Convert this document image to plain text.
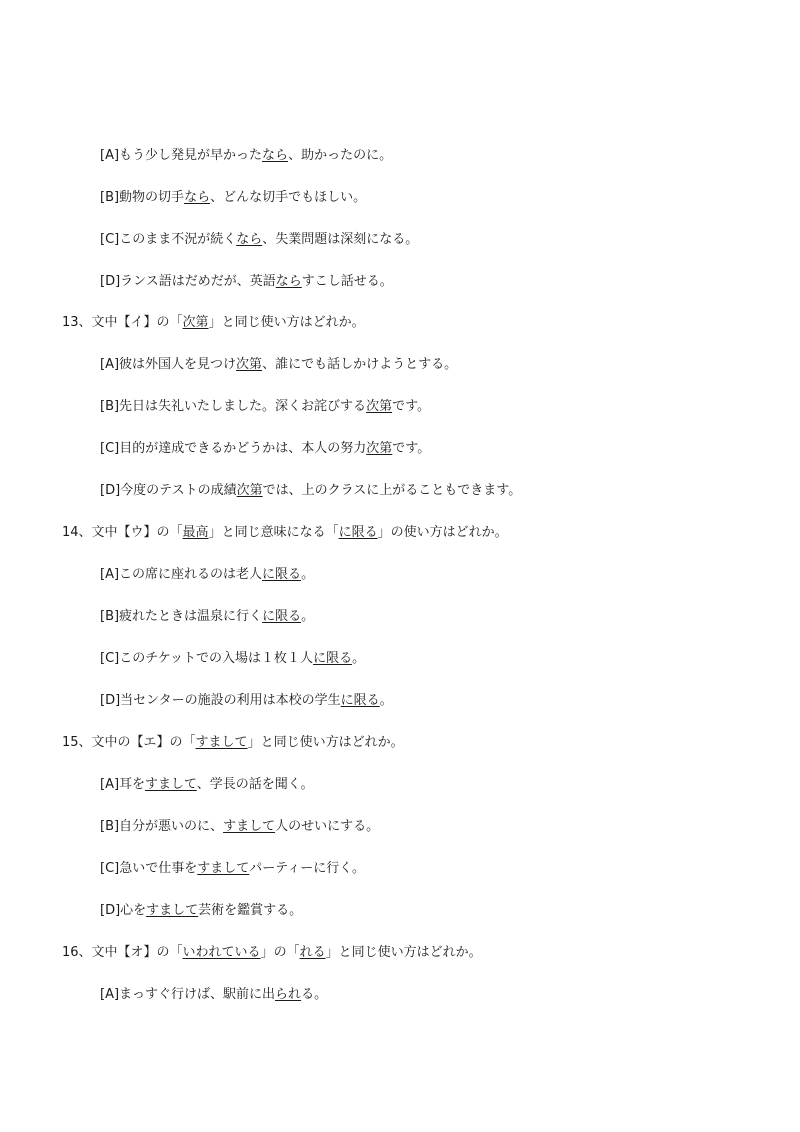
[A]もう少し発見が早かったなら、助かったのに。
[B]動物の切手なら、どんな切手でもほしい。
[C]このまま不況が続くなら、失業問題は深刻になる。
[D]ランス語はだめだが、英語ならすこし話せる。
13、文中【イ】の「次第」と同じ使い方はどれか。
[A]彼は外国人を見つけ次第、誰にでも話しかけようとする。
[B]先日は失礼いたしました。深くお詫びする次第です。
[C]目的が達成できるかどうかは、本人の努力次第です。
[D]今度のテストの成績次第では、上のクラスに上がることもできます。
14、文中【ウ】の「最高」と同じ意味になる「に限る」の使い方はどれか。
[A]この席に座れるのは老人に限る。
[B]疲れたときは温泉に行くに限る。
[C]このチケットでの入場は１枚１人に限る。
[D]当センターの施設の利用は本校の学生に限る。
15、文中の【エ】の「すまして」と同じ使い方はどれか。
[A]耳をすまして、学長の話を聞く。
[B]自分が悪いのに、すまして人のせいにする。
[C]急いで仕事をすましてパーティーに行く。
[D]心をすまして芸術を鑑賞する。
16、文中【オ】の「いわれている」の「れる」と同じ使い方はどれか。
[A]まっすぐ行けば、駅前に出られる。
